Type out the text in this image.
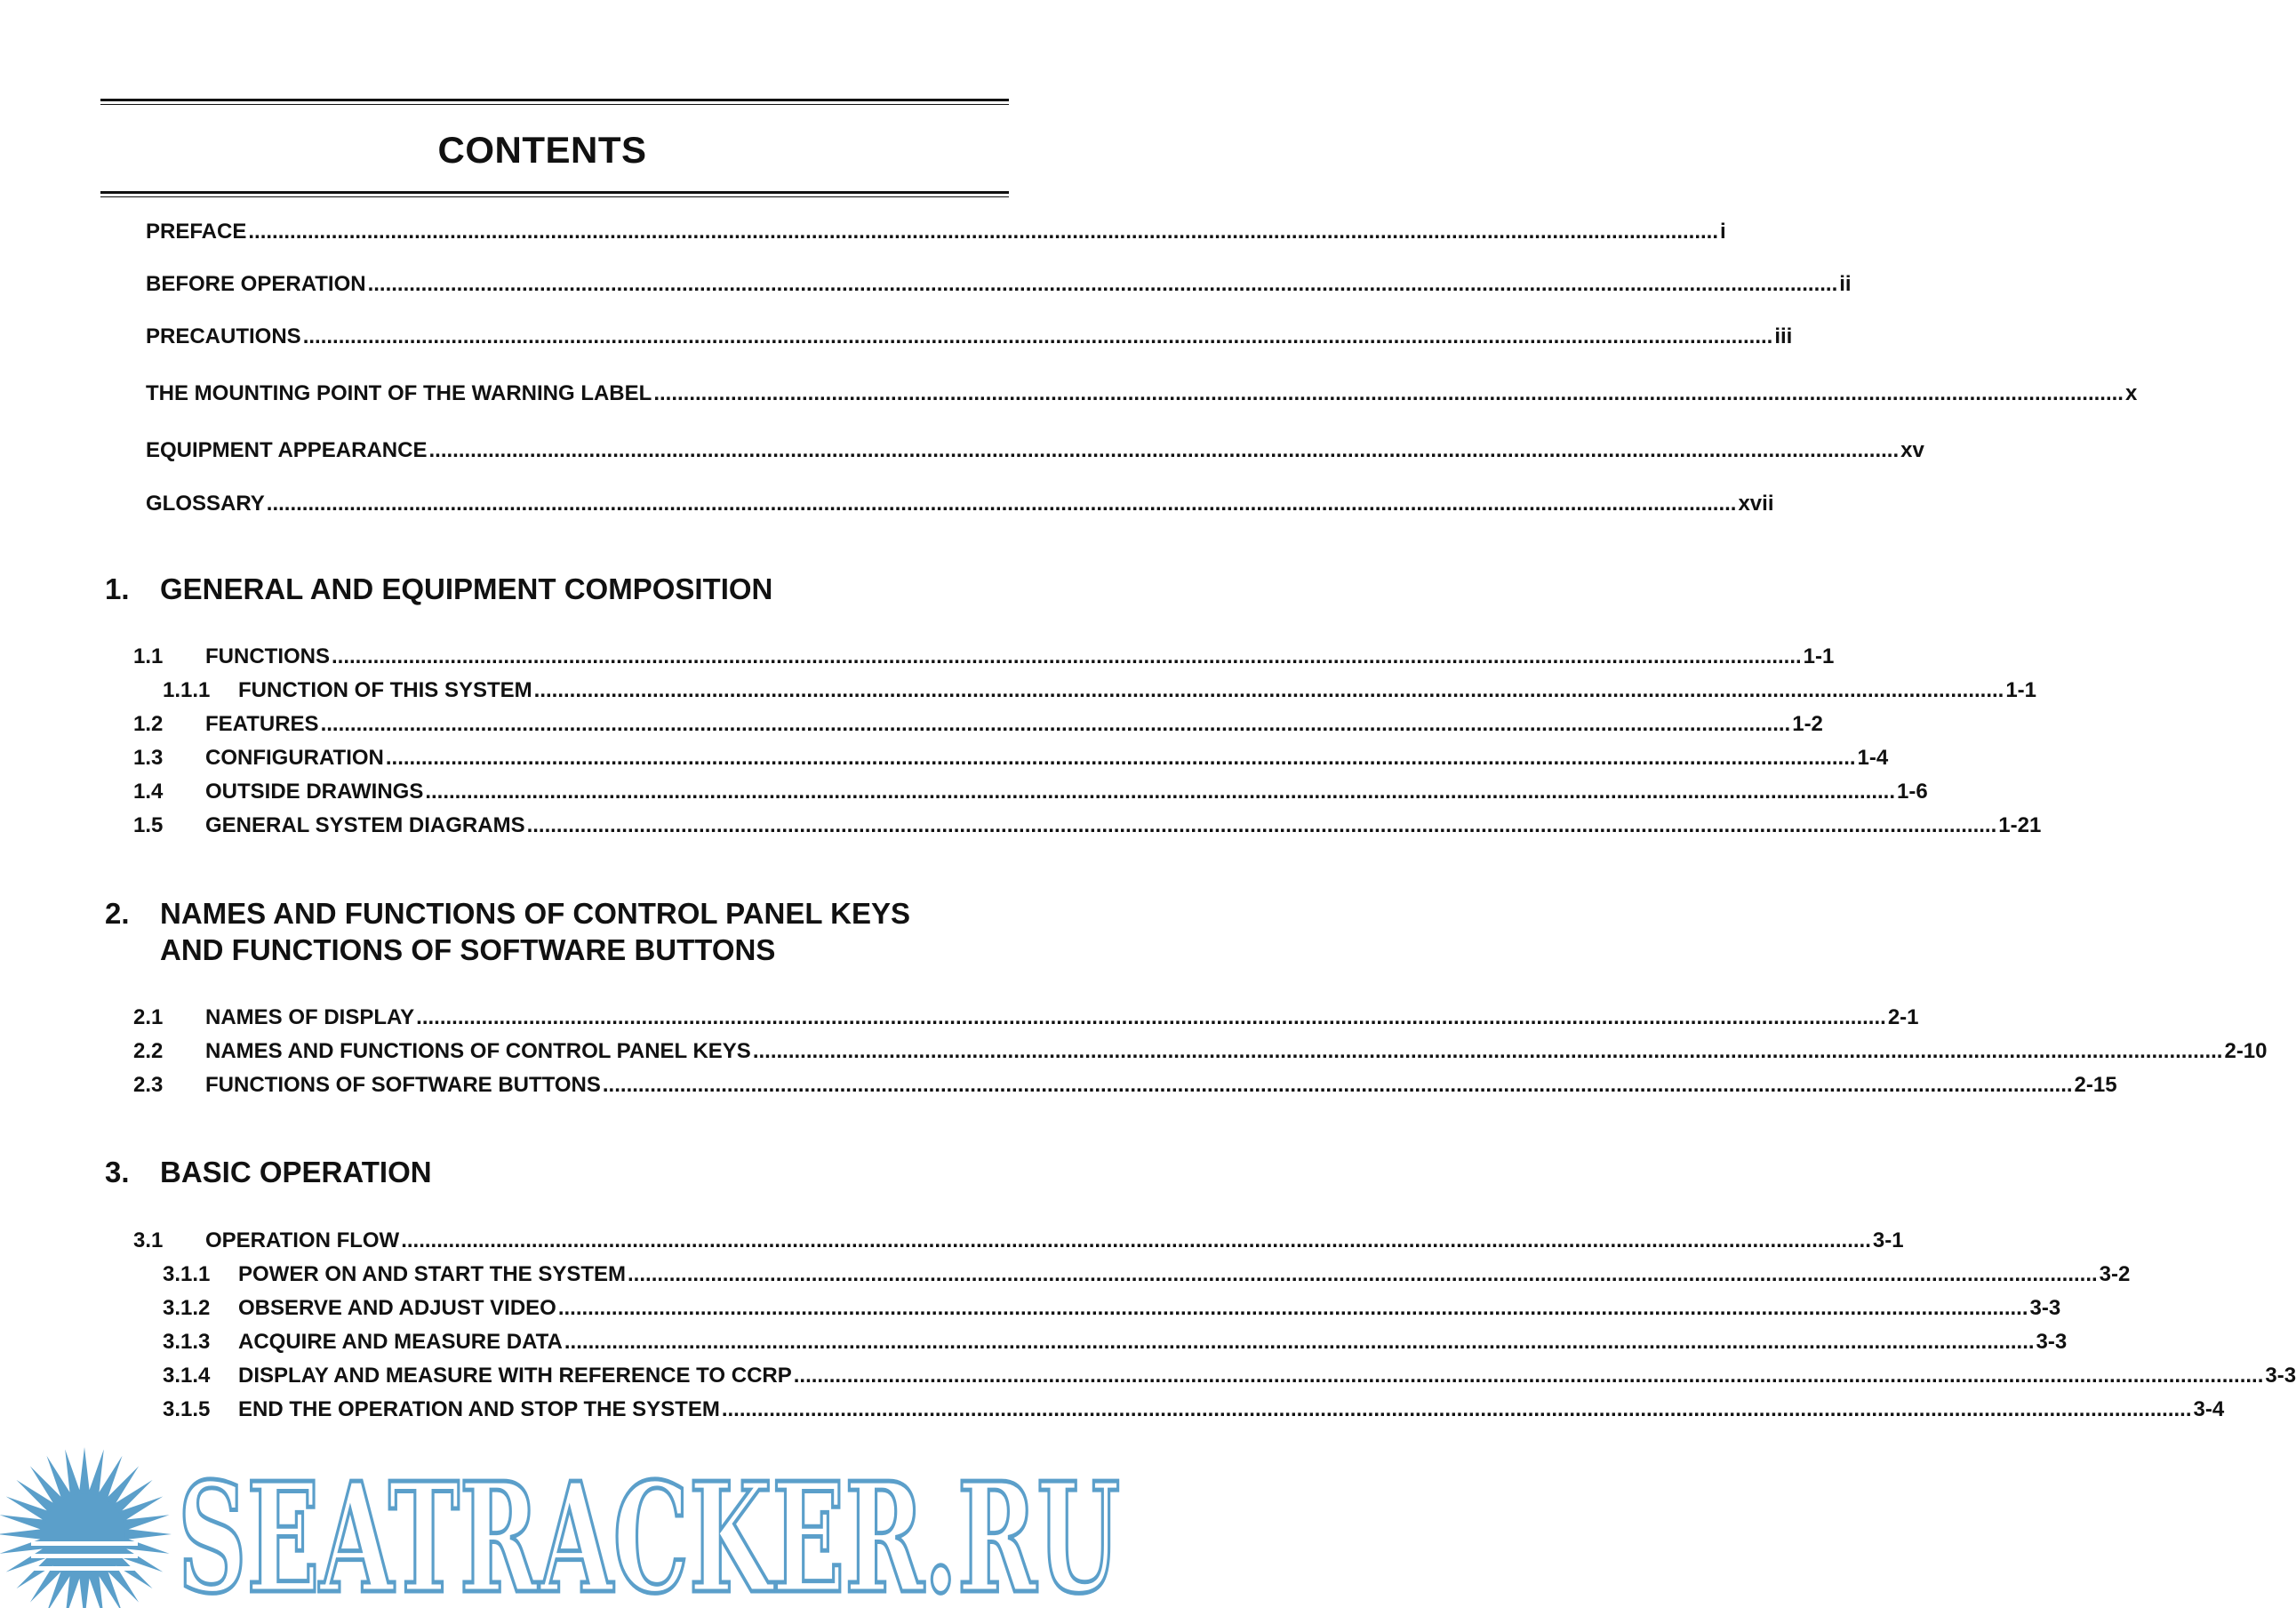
CONTENTS
PREFACE .....	i
BEFORE OPERATION .....	ii
PRECAUTIONS .....	iii
THE MOUNTING POINT OF THE WARNING LABEL .....	x
EQUIPMENT APPEARANCE .....	xv
GLOSSARY .....	xvii
1.	GENERAL AND EQUIPMENT COMPOSITION
1.1	FUNCTIONS .....	1-1
1.1.1	FUNCTION OF THIS SYSTEM .....	1-1
1.2	FEATURES .....	1-2
1.3	CONFIGURATION .....	1-4
1.4	OUTSIDE DRAWINGS .....	1-6
1.5	GENERAL SYSTEM DIAGRAMS .....	1-21
2.	NAMES AND FUNCTIONS OF CONTROL PANEL KEYS
AND FUNCTIONS OF SOFTWARE BUTTONS
2.1	NAMES OF DISPLAY .....	2-1
2.2	NAMES AND FUNCTIONS OF CONTROL PANEL KEYS .....	2-10
2.3	FUNCTIONS OF SOFTWARE BUTTONS .....	2-15
3.	BASIC OPERATION
3.1	OPERATION FLOW .....	3-1
3.1.1	POWER ON AND START THE SYSTEM .....	3-2
3.1.2	OBSERVE AND ADJUST VIDEO .....	3-3
3.1.3	ACQUIRE AND MEASURE DATA .....	3-3
3.1.4	DISPLAY AND MEASURE WITH REFERENCE TO CCRP .....	3-3
3.1.5	END THE OPERATION AND STOP THE SYSTEM .....	3-4
SEATRACKER.RU
